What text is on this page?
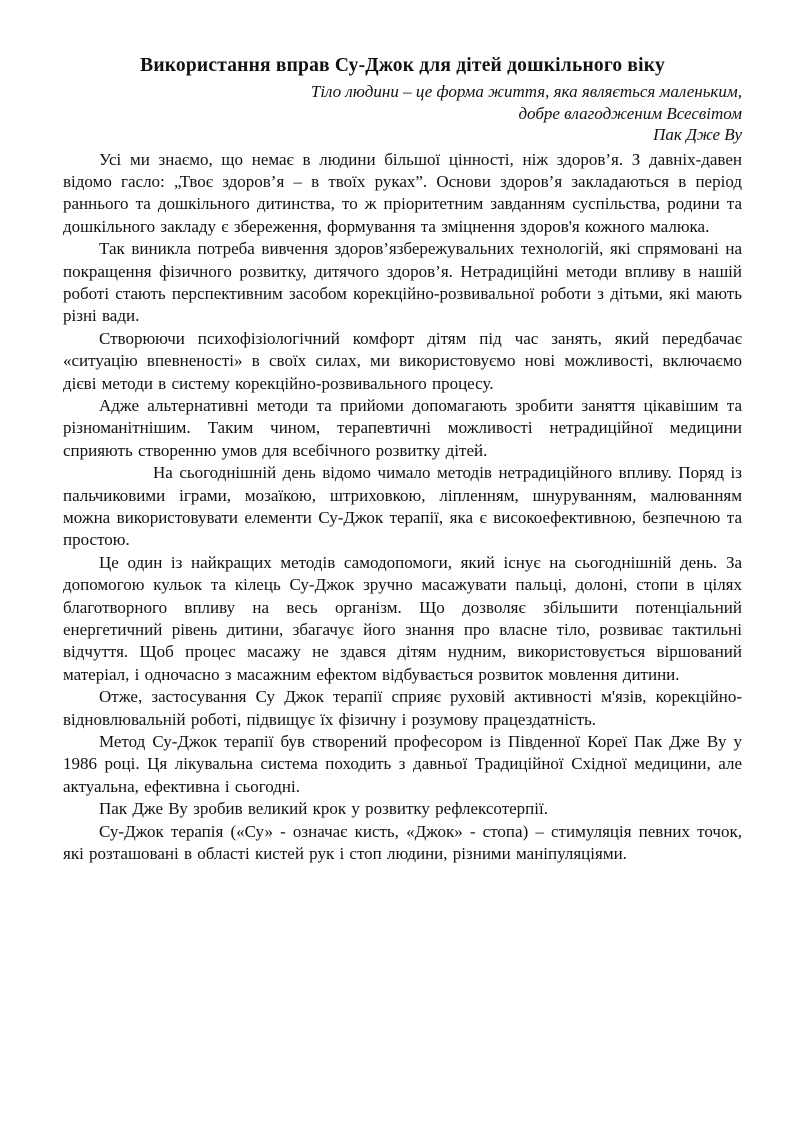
Використання вправ Су-Джок для дітей дошкільного віку
Тіло людини – це форма життя, яка являється маленьким,
добре влагодженим Всесвітом
Пак Дже Ву

Усі ми знаємо, що немає в людини більшої цінності, ніж здоров’я. З давніх-давен відомо гасло: „Твоє здоров’я – в твоїх руках”. Основи здоров’я закладаються в період раннього та дошкільного дитинства, то ж пріоритетним завданням суспільства, родини та дошкільного закладу є збереження, формування та зміцнення здоров'я кожного малюка.

Так виникла потреба вивчення здоров’язбережувальних технологій, які спрямовані на покращення фізичного розвитку, дитячого здоров’я. Нетрадиційні методи впливу в нашій роботі стають перспективним засобом корекційно-розвивальної роботи з дітьми, які мають різні вади.

Створюючи психофізіологічний комфорт дітям під час занять, який передбачає «ситуацію впевненості» в своїх силах, ми використовуємо нові можливості, включаємо дієві методи в систему корекційно-розвивального процесу.

Адже альтернативні методи та прийоми допомагають зробити заняття цікавішим та різноманітнішим. Таким чином, терапевтичні можливості нетрадиційної медицини сприяють створенню умов для всебічного розвитку дітей.

На сьогоднішній день відомо чимало методів нетрадиційного впливу. Поряд із пальчиковими іграми, мозаїкою, штриховкою, ліпленням, шнуруванням, малюванням можна використовувати елементи Су-Джок терапії, яка є високоефективною, безпечною та простою.

Це один із найкращих методів самодопомоги, який існує на сьогоднішній день. За допомогою кульок та кілець Су-Джок зручно масажувати пальці, долоні, стопи в цілях благотворного впливу на весь організм. Що дозволяє збільшити потенціальний енергетичний рівень дитини, збагачує його знання про власне тіло, розвиває тактильні відчуття. Щоб процес масажу не здався дітям нудним, використовується віршований матеріал, і одночасно з масажним ефектом відбувається розвиток мовлення дитини.

Отже, застосування Су Джок терапії сприяє руховій активності м'язів, корекційно-відновлювальній роботі, підвищує їх фізичну і розумову працездатність.

Метод Су-Джок терапії був створений професором із Південної Кореї Пак Дже Ву у 1986 році. Ця лікувальна система походить з давньої Традиційної Східної медицини, але актуальна, ефективна і сьогодні.

Пак Дже Ву зробив великий крок у розвитку рефлексотерпії.

Су-Джок терапія («Су» - означає кисть, «Джок» - стопа) – стимуляція певних точок, які розташовані в області кистей рук і стоп людини, різними маніпуляціями.
